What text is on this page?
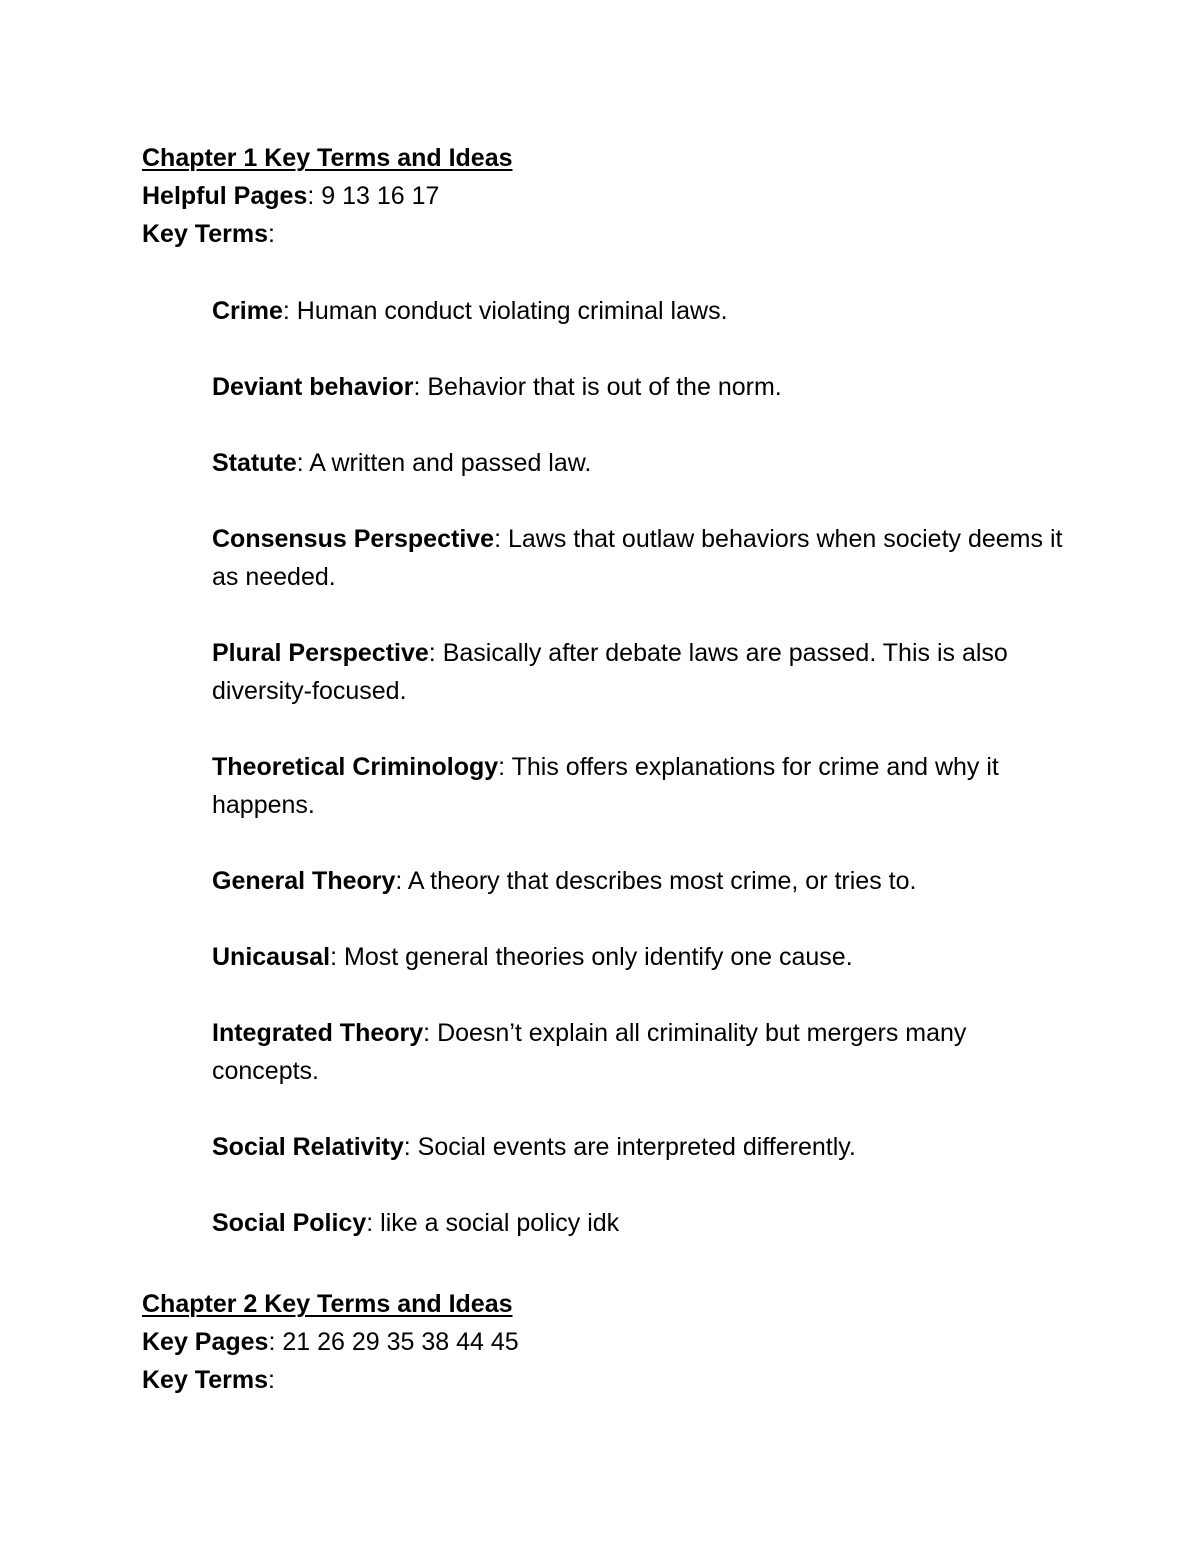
Chapter 1 Key Terms and Ideas

Helpful Pages: 9 13 16 17

Key Terms:

Crime: Human conduct violating criminal laws.
Deviant behavior: Behavior that is out of the norm.
Statute: A written and passed law.
Consensus Perspective: Laws that outlaw behaviors when society deems it as needed.
Plural Perspective: Basically after debate laws are passed. This is also diversity-focused.
Theoretical Criminology: This offers explanations for crime and why it happens.
General Theory: A theory that describes most crime, or tries to.
Unicausal: Most general theories only identify one cause.
Integrated Theory: Doesn’t explain all criminality but mergers many concepts.
Social Relativity: Social events are interpreted differently.
Social Policy: like a social policy idk

Chapter 2 Key Terms and Ideas

Key Pages: 21 26 29 35 38 44 45

Key Terms:
